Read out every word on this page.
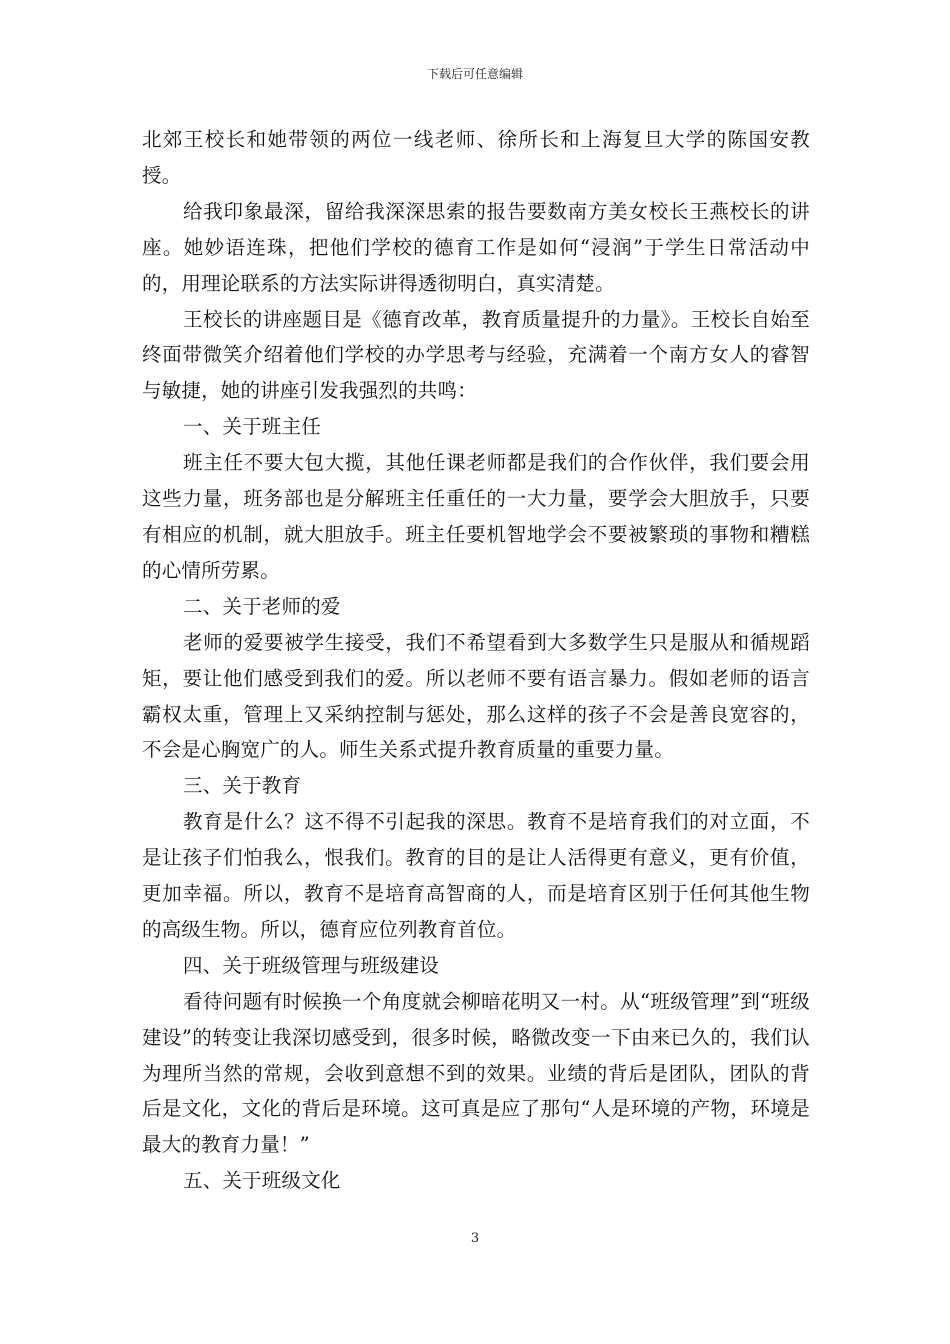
下载后可任意编辑

北郊王校长和她带领的两位一线老师、徐所长和上海复旦大学的陈国安教授。

给我印象最深，留给我深深思索的报告要数南方美女校长王燕校长的讲座。她妙语连珠，把他们学校的德育工作是如何“浸润”于学生日常活动中的，用理论联系的方法实际讲得透彻明白，真实清楚。

王校长的讲座题目是《德育改革，教育质量提升的力量》。王校长自始至终面带微笑介绍着他们学校的办学思考与经验，充满着一个南方女人的睿智与敏捷，她的讲座引发我强烈的共鸣：

一、关于班主任

班主任不要大包大揽，其他任课老师都是我们的合作伙伴，我们要会用这些力量，班务部也是分解班主任重任的一大力量，要学会大胆放手，只要有相应的机制，就大胆放手。班主任要机智地学会不要被繁琐的事物和糟糕的心情所劳累。

二、关于老师的爱

老师的爱要被学生接受，我们不希望看到大多数学生只是服从和循规蹈矩，要让他们感受到我们的爱。所以老师不要有语言暴力。假如老师的语言霸权太重，管理上又采纳控制与惩处，那么这样的孩子不会是善良宽容的，不会是心胸宽广的人。师生关系式提升教育质量的重要力量。

三、关于教育

教育是什么？这不得不引起我的深思。教育不是培育我们的对立面，不是让孩子们怕我么，恨我们。教育的目的是让人活得更有意义，更有价值，更加幸福。所以，教育不是培育高智商的人，而是培育区别于任何其他生物的高级生物。所以，德育应位列教育首位。

四、关于班级管理与班级建设

看待问题有时候换一个角度就会柳暗花明又一村。从“班级管理”到“班级建设”的转变让我深切感受到，很多时候，略微改变一下由来已久的，我们认为理所当然的常规，会收到意想不到的效果。业绩的背后是团队，团队的背后是文化，文化的背后是环境。这可真是应了那句“人是环境的产物，环境是最大的教育力量！”

五、关于班级文化

3
